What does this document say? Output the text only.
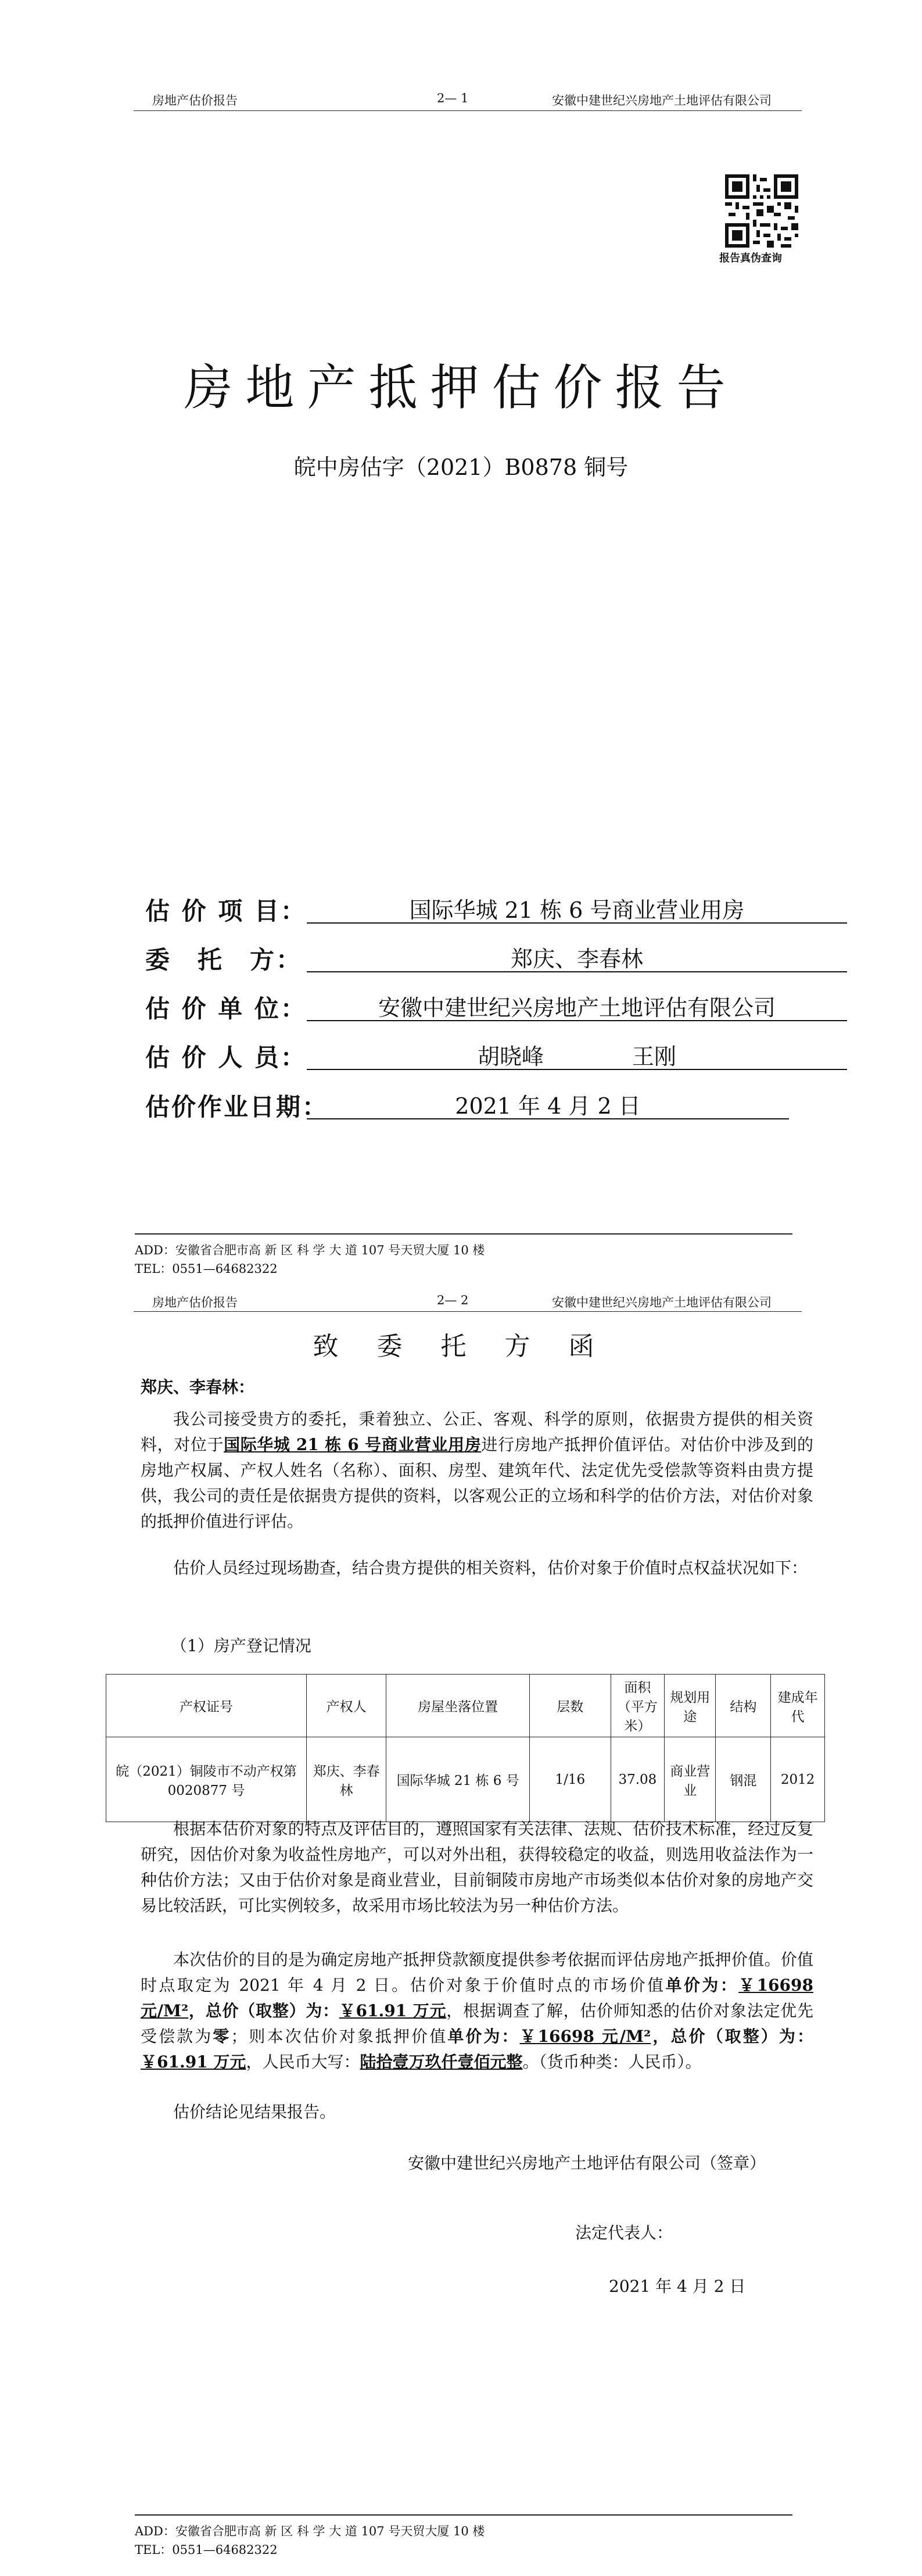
房地产估价报告	2— 1	安徽中建世纪兴房地产土地评估有限公司
报告真伪查询
房地产抵押估价报告
皖中房估字（2021）B0878 铜号
估 价 项 目：	国际华城 21 栋 6 号商业营业用房
委　托　方：	郑庆、李春林
估 价 单 位：	安徽中建世纪兴房地产土地评估有限公司
估 价 人 员：	胡晓峰　　　　王刚
估价作业日期：	2021 年 4 月 2 日
ADD：安徽省合肥市高 新 区 科 学 大 道 107 号天贸大厦 10 楼
TEL：0551—64682322
房地产估价报告	2— 2	安徽中建世纪兴房地产土地评估有限公司
致 委 托 方 函
郑庆、李春林：
我公司接受贵方的委托，秉着独立、公正、客观、科学的原则，依据贵方提供的相关资料，对位于国际华城 21 栋 6 号商业营业用房进行房地产抵押价值评估。对估价中涉及到的房地产权属、产权人姓名（名称）、面积、房型、建筑年代、法定优先受偿款等资料由贵方提供，我公司的责任是依据贵方提供的资料，以客观公正的立场和科学的估价方法，对估价对象的抵押价值进行评估。
估价人员经过现场勘查，结合贵方提供的相关资料，估价对象于价值时点权益状况如下：
（1）房产登记情况
产权证号	产权人	房屋坐落位置	层数	面积（平方米）	规划用途	结构	建成年代
皖（2021）铜陵市不动产权第 0020877 号	郑庆、李春林	国际华城 21 栋 6 号	1/16	37.08	商业营业	钢混	2012
根据本估价对象的特点及评估目的，遵照国家有关法律、法规、估价技术标准，经过反复研究，因估价对象为收益性房地产，可以对外出租，获得较稳定的收益，则选用收益法作为一种估价方法；又由于估价对象是商业营业，目前铜陵市房地产市场类似本估价对象的房地产交易比较活跃，可比实例较多，故采用市场比较法为另一种估价方法。
本次估价的目的是为确定房地产抵押贷款额度提供参考依据而评估房地产抵押价值。价值时点取定为 2021 年 4 月 2 日。估价对象于价值时点的市场价值单价为：￥16698 元/M²，总价（取整）为：￥61.91 万元，根据调查了解，估价师知悉的估价对象法定优先受偿款为零；则本次估价对象抵押价值单价为：￥16698 元/M²，总价（取整）为：￥61.91 万元，人民币大写：陆拾壹万玖仟壹佰元整。（货币种类：人民币）。
估价结论见结果报告。
安徽中建世纪兴房地产土地评估有限公司（签章）
法定代表人：
2021 年 4 月 2 日
ADD：安徽省合肥市高 新 区 科 学 大 道 107 号天贸大厦 10 楼
TEL：0551—64682322
